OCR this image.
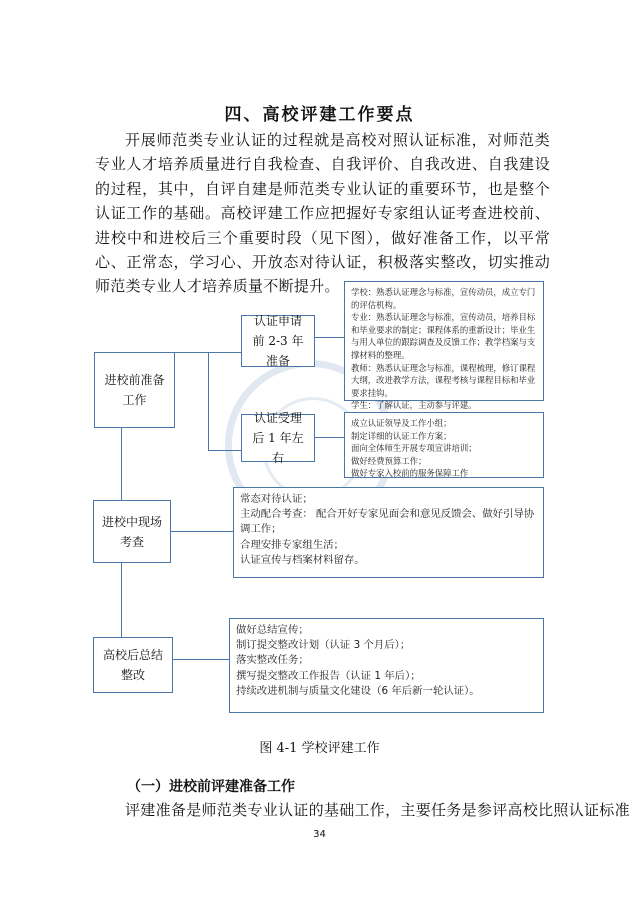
四、高校评建工作要点
开展师范类专业认证的过程就是高校对照认证标准，对师范类专业人才培养质量进行自我检查、自我评价、自我改进、自我建设的过程，其中，自评自建是师范类专业认证的重要环节，也是整个认证工作的基础。高校评建工作应把握好专家组认证考查进校前、进校中和进校后三个重要时段（见下图），做好准备工作，以平常心、正常态，学习心、开放态对待认证，积极落实整改，切实推动师范类专业人才培养质量不断提升。
进校前准备工作
进校中现场考查
高校后总结整改
认证申请前 2-3 年准备
认证受理后 1 年左右
学校：熟悉认证理念与标准，宣传动员，成立专门的评估机构。
专业：熟悉认证理念与标准，宣传动员，培养目标和毕业要求的制定；课程体系的重新设计；毕业生与用人单位的跟踪调查及反馈工作；教学档案与支撑材料的整理。
教师：熟悉认证理念与标准，课程梳理，修订课程大纲，改进教学方法，课程考核与课程目标和毕业要求挂钩。
学生：了解认证，主动参与评建。
成立认证领导及工作小组；
制定详细的认证工作方案；
面向全体师生开展专项宣讲培训；
做好经费预算工作；
做好专家入校前的服务保障工作
常态对待认证；
主动配合考查： 配合开好专家见面会和意见反馈会、做好引导协调工作；
合理安排专家组生活；
认证宣传与档案材料留存。
做好总结宣传；
制订提交整改计划（认证 3 个月后）；
落实整改任务；
撰写提交整改工作报告（认证 1 年后）；
持续改进机制与质量文化建设（6 年后新一轮认证）。
图 4-1 学校评建工作
（一）进校前评建准备工作
评建准备是师范类专业认证的基础工作，主要任务是参评高校比照认证标准
34
